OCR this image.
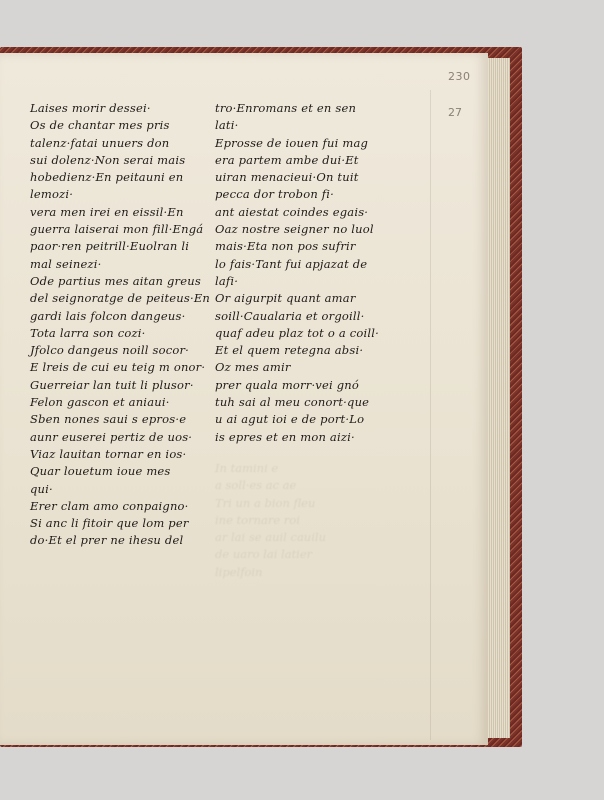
230
27
Laises morir dessei·
Os de chantar mes pris
talenz·fatai unuers don
sui dolenz·Non serai mais
hobedienz·En peitauni en
lemozi·
vera men irei en eissil·En
guerra laiserai mon fill·Engá
paor·ren peitrill·Euolran li
mal seinezi·
Ode partius mes aitan greus
del seignoratge de peiteus·En
gardi lais folcon dangeus·
Tota larra son cozi·
Jfolco dangeus noill socor·
E lreis de cui eu teig m onor·
Guerreiar lan tuit li plusor·
Felon gascon et aniaui·
Sben nones saui s epros·e
aunr euserei pertiz de uos·
Viaz lauitan tornar en ios·
Quar louetum ioue mes
qui·
Erer clam amo conpaigno·
Si anc li fitoir que lom per
do·Et el prer ne ihesu del
tro·Enromans et en sen
lati·
Eprosse de iouen fui mag
era partem ambe dui·Et
uiran menacieui·On tuit
pecca dor trobon fi·
ant aiestat coindes egais·
Oaz nostre seigner no luol
mais·Eta non pos sufrir
lo fais·Tant fui apjazat de
lafi·
Or aigurpit quant amar
soill·Caualaria et orgoill·
quaf adeu plaz tot o a coill·
Et el quem retegna absi·
Oz mes amir
prer quala morr·vei gnó
tuh sai al meu conort·que
u ai agut ioi e de port·Lo
is epres et en mon aizi·
In tamini e
a soll·es ac ae
Tri un a bion fleu
ine tornare roi
ar lai se auil cauilu
de uaro lai latier
lipelfoin
